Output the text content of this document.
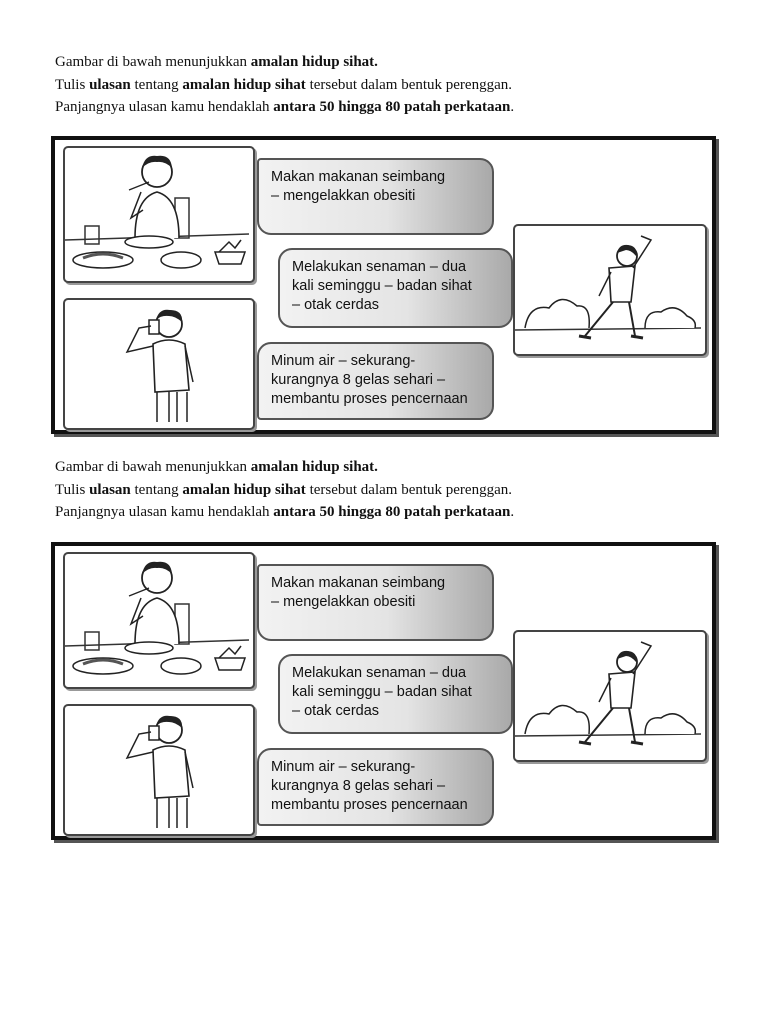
Gambar di bawah menunjukkan amalan hidup sihat.

Tulis ulasan tentang amalan hidup sihat tersebut dalam bentuk perenggan.

Panjangnya ulasan kamu hendaklah antara 50 hingga 80 patah perkataan.

Makan makanan seimbang
– mengelakkan obesiti
Melakukan senaman – dua
kali seminggu – badan sihat
– otak cerdas
Minum air – sekurang-
kurangnya 8 gelas sehari –
membantu proses pencernaan

Gambar di bawah menunjukkan amalan hidup sihat.

Tulis ulasan tentang amalan hidup sihat tersebut dalam bentuk perenggan.

Panjangnya ulasan kamu hendaklah antara 50 hingga 80 patah perkataan.

Makan makanan seimbang
– mengelakkan obesiti
Melakukan senaman – dua
kali seminggu – badan sihat
– otak cerdas
Minum air – sekurang-
kurangnya 8 gelas sehari –
membantu proses pencernaan
